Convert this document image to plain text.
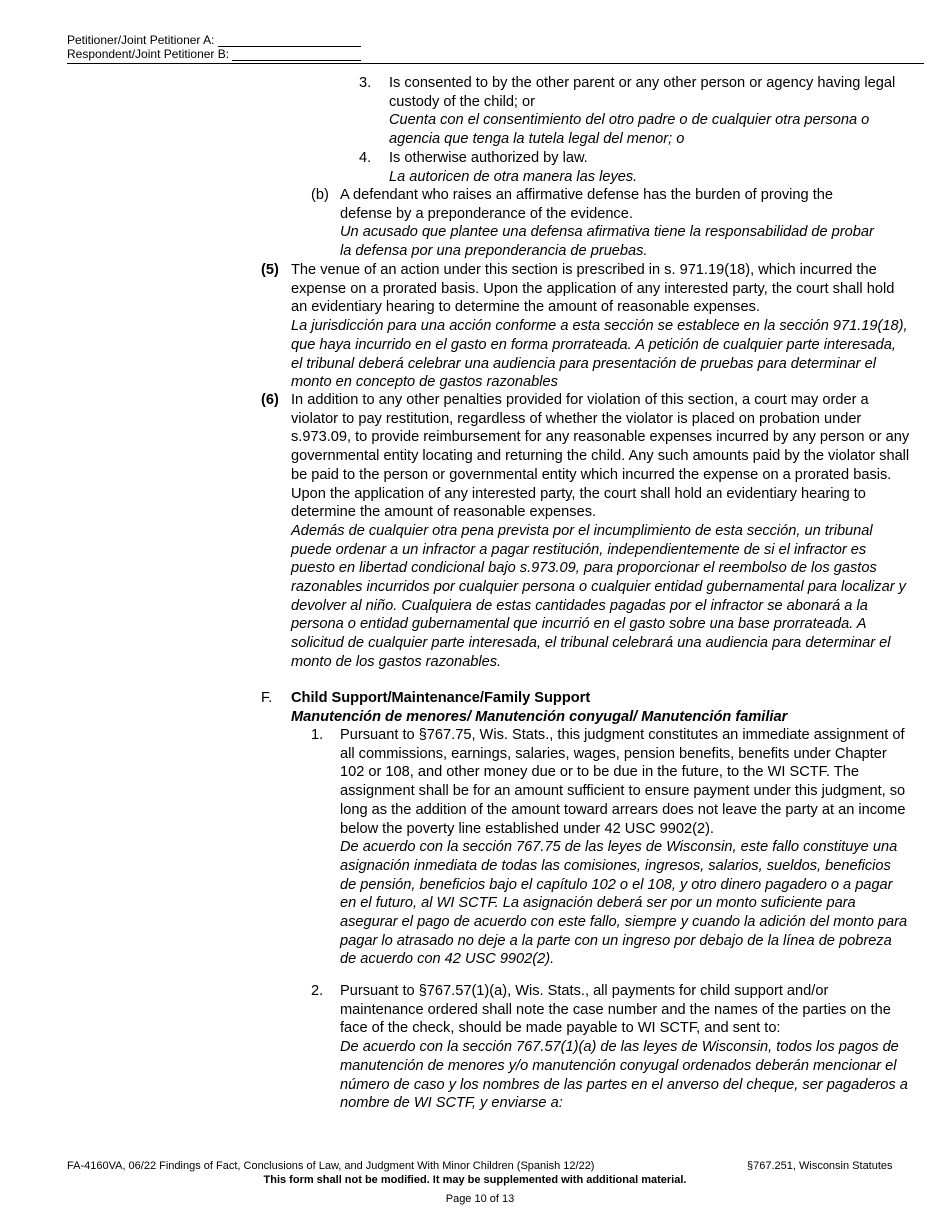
Petitioner/Joint Petitioner A:
Respondent/Joint Petitioner B:
3. Is consented to by the other parent or any other person or agency having legal custody of the child; or

Cuenta con el consentimiento del otro padre o de cualquier otra persona o agencia que tenga la tutela legal del menor; o

4. Is otherwise authorized by law.

La autoricen de otra manera las leyes.

(b) A defendant who raises an affirmative defense has the burden of proving the defense by a preponderance of the evidence.

Un acusado que plantee una defensa afirmativa tiene la responsabilidad de probar la defensa por una preponderancia de pruebas.

(5) The venue of an action under this section is prescribed in s. 971.19(18), which incurred the expense on a prorated basis. Upon the application of any interested party, the court shall hold an evidentiary hearing to determine the amount of reasonable expenses.

La jurisdicción para una acción conforme a esta sección se establece en la sección 971.19(18), que haya incurrido en el gasto en forma prorrateada. A petición de cualquier parte interesada, el tribunal deberá celebrar una audiencia para presentación de pruebas para determinar el monto en concepto de gastos razonables

(6) In addition to any other penalties provided for violation of this section, a court may order a violator to pay restitution, regardless of whether the violator is placed on probation under s.973.09, to provide reimbursement for any reasonable expenses incurred by any person or any governmental entity locating and returning the child. Any such amounts paid by the violator shall be paid to the person or governmental entity which incurred the expense on a prorated basis. Upon the application of any interested party, the court shall hold an evidentiary hearing to determine the amount of reasonable expenses.

Además de cualquier otra pena prevista por el incumplimiento de esta sección, un tribunal puede ordenar a un infractor a pagar restitución, independientemente de si el infractor es puesto en libertad condicional bajo s.973.09, para proporcionar el reembolso de los gastos razonables incurridos por cualquier persona o cualquier entidad gubernamental para localizar y devolver al niño. Cualquiera de estas cantidades pagadas por el infractor se abonará a la persona o entidad gubernamental que incurrió en el gasto sobre una base prorrateada. A solicitud de cualquier parte interesada, el tribunal celebrará una audiencia para determinar el monto de los gastos razonables.

F. Child Support/Maintenance/Family Support

Manutención de menores/ Manutención conyugal/ Manutención familiar

1. Pursuant to §767.75, Wis. Stats., this judgment constitutes an immediate assignment of all commissions, earnings, salaries, wages, pension benefits, benefits under Chapter 102 or 108, and other money due or to be due in the future, to the WI SCTF. The assignment shall be for an amount sufficient to ensure payment under this judgment, so long as the addition of the amount toward arrears does not leave the party at an income below the poverty line established under 42 USC 9902(2).

De acuerdo con la sección 767.75 de las leyes de Wisconsin, este fallo constituye una asignación inmediata de todas las comisiones, ingresos, salarios, sueldos, beneficios de pensión, beneficios bajo el capítulo 102 o el 108, y otro dinero pagadero o a pagar en el futuro, al WI SCTF. La asignación deberá ser por un monto suficiente para asegurar el pago de acuerdo con este fallo, siempre y cuando la adición del monto para pagar lo atrasado no deje a la parte con un ingreso por debajo de la línea de pobreza de acuerdo con 42 USC 9902(2).

2. Pursuant to §767.57(1)(a), Wis. Stats., all payments for child support and/or maintenance ordered shall note the case number and the names of the parties on the face of the check, should be made payable to WI SCTF, and sent to:

De acuerdo con la sección 767.57(1)(a) de las leyes de Wisconsin, todos los pagos de manutención de menores y/o manutención conyugal ordenados deberán mencionar el número de caso y los nombres de las partes en el anverso del cheque, ser pagaderos a nombre de WI SCTF, y enviarse a:

FA-4160VA, 06/22 Findings of Fact, Conclusions of Law, and Judgment With Minor Children (Spanish 12/22)	§767.251, Wisconsin Statutes
This form shall not be modified. It may be supplemented with additional material.
Page 10 of 13
